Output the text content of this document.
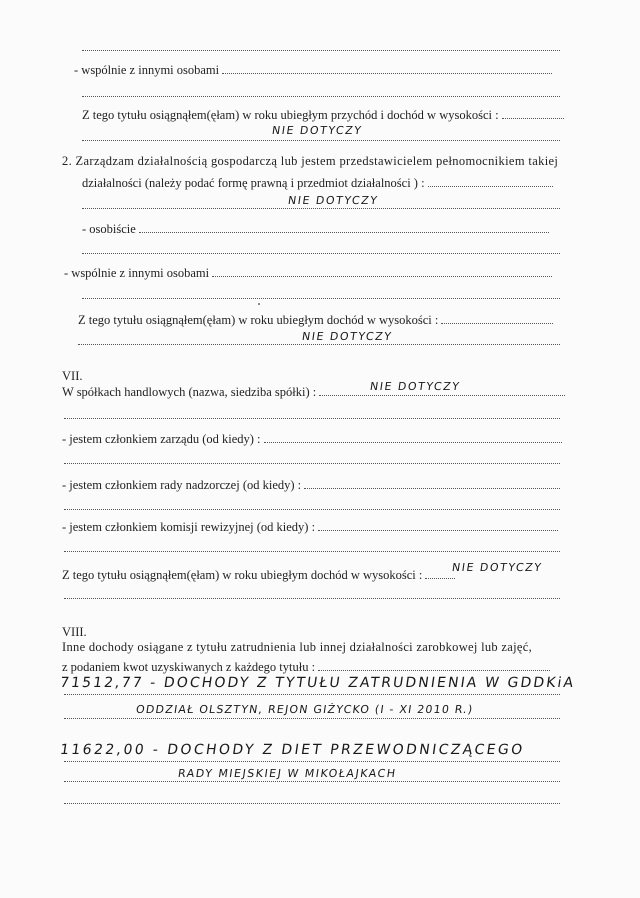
- wspólnie z innymi osobami
Z tego tytułu osiągnąłem(ęłam) w roku ubiegłym przychód i dochód w wysokości :
NIE DOTYCZY
2. Zarządzam działalnością gospodarczą lub jestem przedstawicielem pełnomocnikiem takiej
działalności (należy podać formę prawną i przedmiot działalności ) :
NIE DOTYCZY
- osobiście
- wspólnie z innymi osobami
Z tego tytułu osiągnąłem(ęłam) w roku ubiegłym dochód w wysokości :
NIE DOTYCZY
VII.
W spółkach handlowych (nazwa, siedziba spółki) :	NIE DOTYCZY
- jestem członkiem zarządu (od kiedy) :
- jestem członkiem rady nadzorczej (od kiedy) :
- jestem członkiem komisji rewizyjnej (od kiedy) :
Z tego tytułu osiągnąłem(ęłam) w roku ubiegłym dochód w wysokości :
NIE DOTYCZY
VIII.
Inne dochody osiągane z tytułu zatrudnienia lub innej działalności zarobkowej lub zajęć,
z podaniem kwot uzyskiwanych z każdego tytułu :
71512,77 - DOCHODY Z TYTUŁU ZATRUDNIENIA W GDDKiA
ODDZIAŁ OLSZTYN, REJON GIŻYCKO (I - XI 2010 R.)
11622,00 - DOCHODY Z DIET PRZEWODNICZĄCEGO
RADY MIEJSKIEJ W MIKOŁAJKACH
